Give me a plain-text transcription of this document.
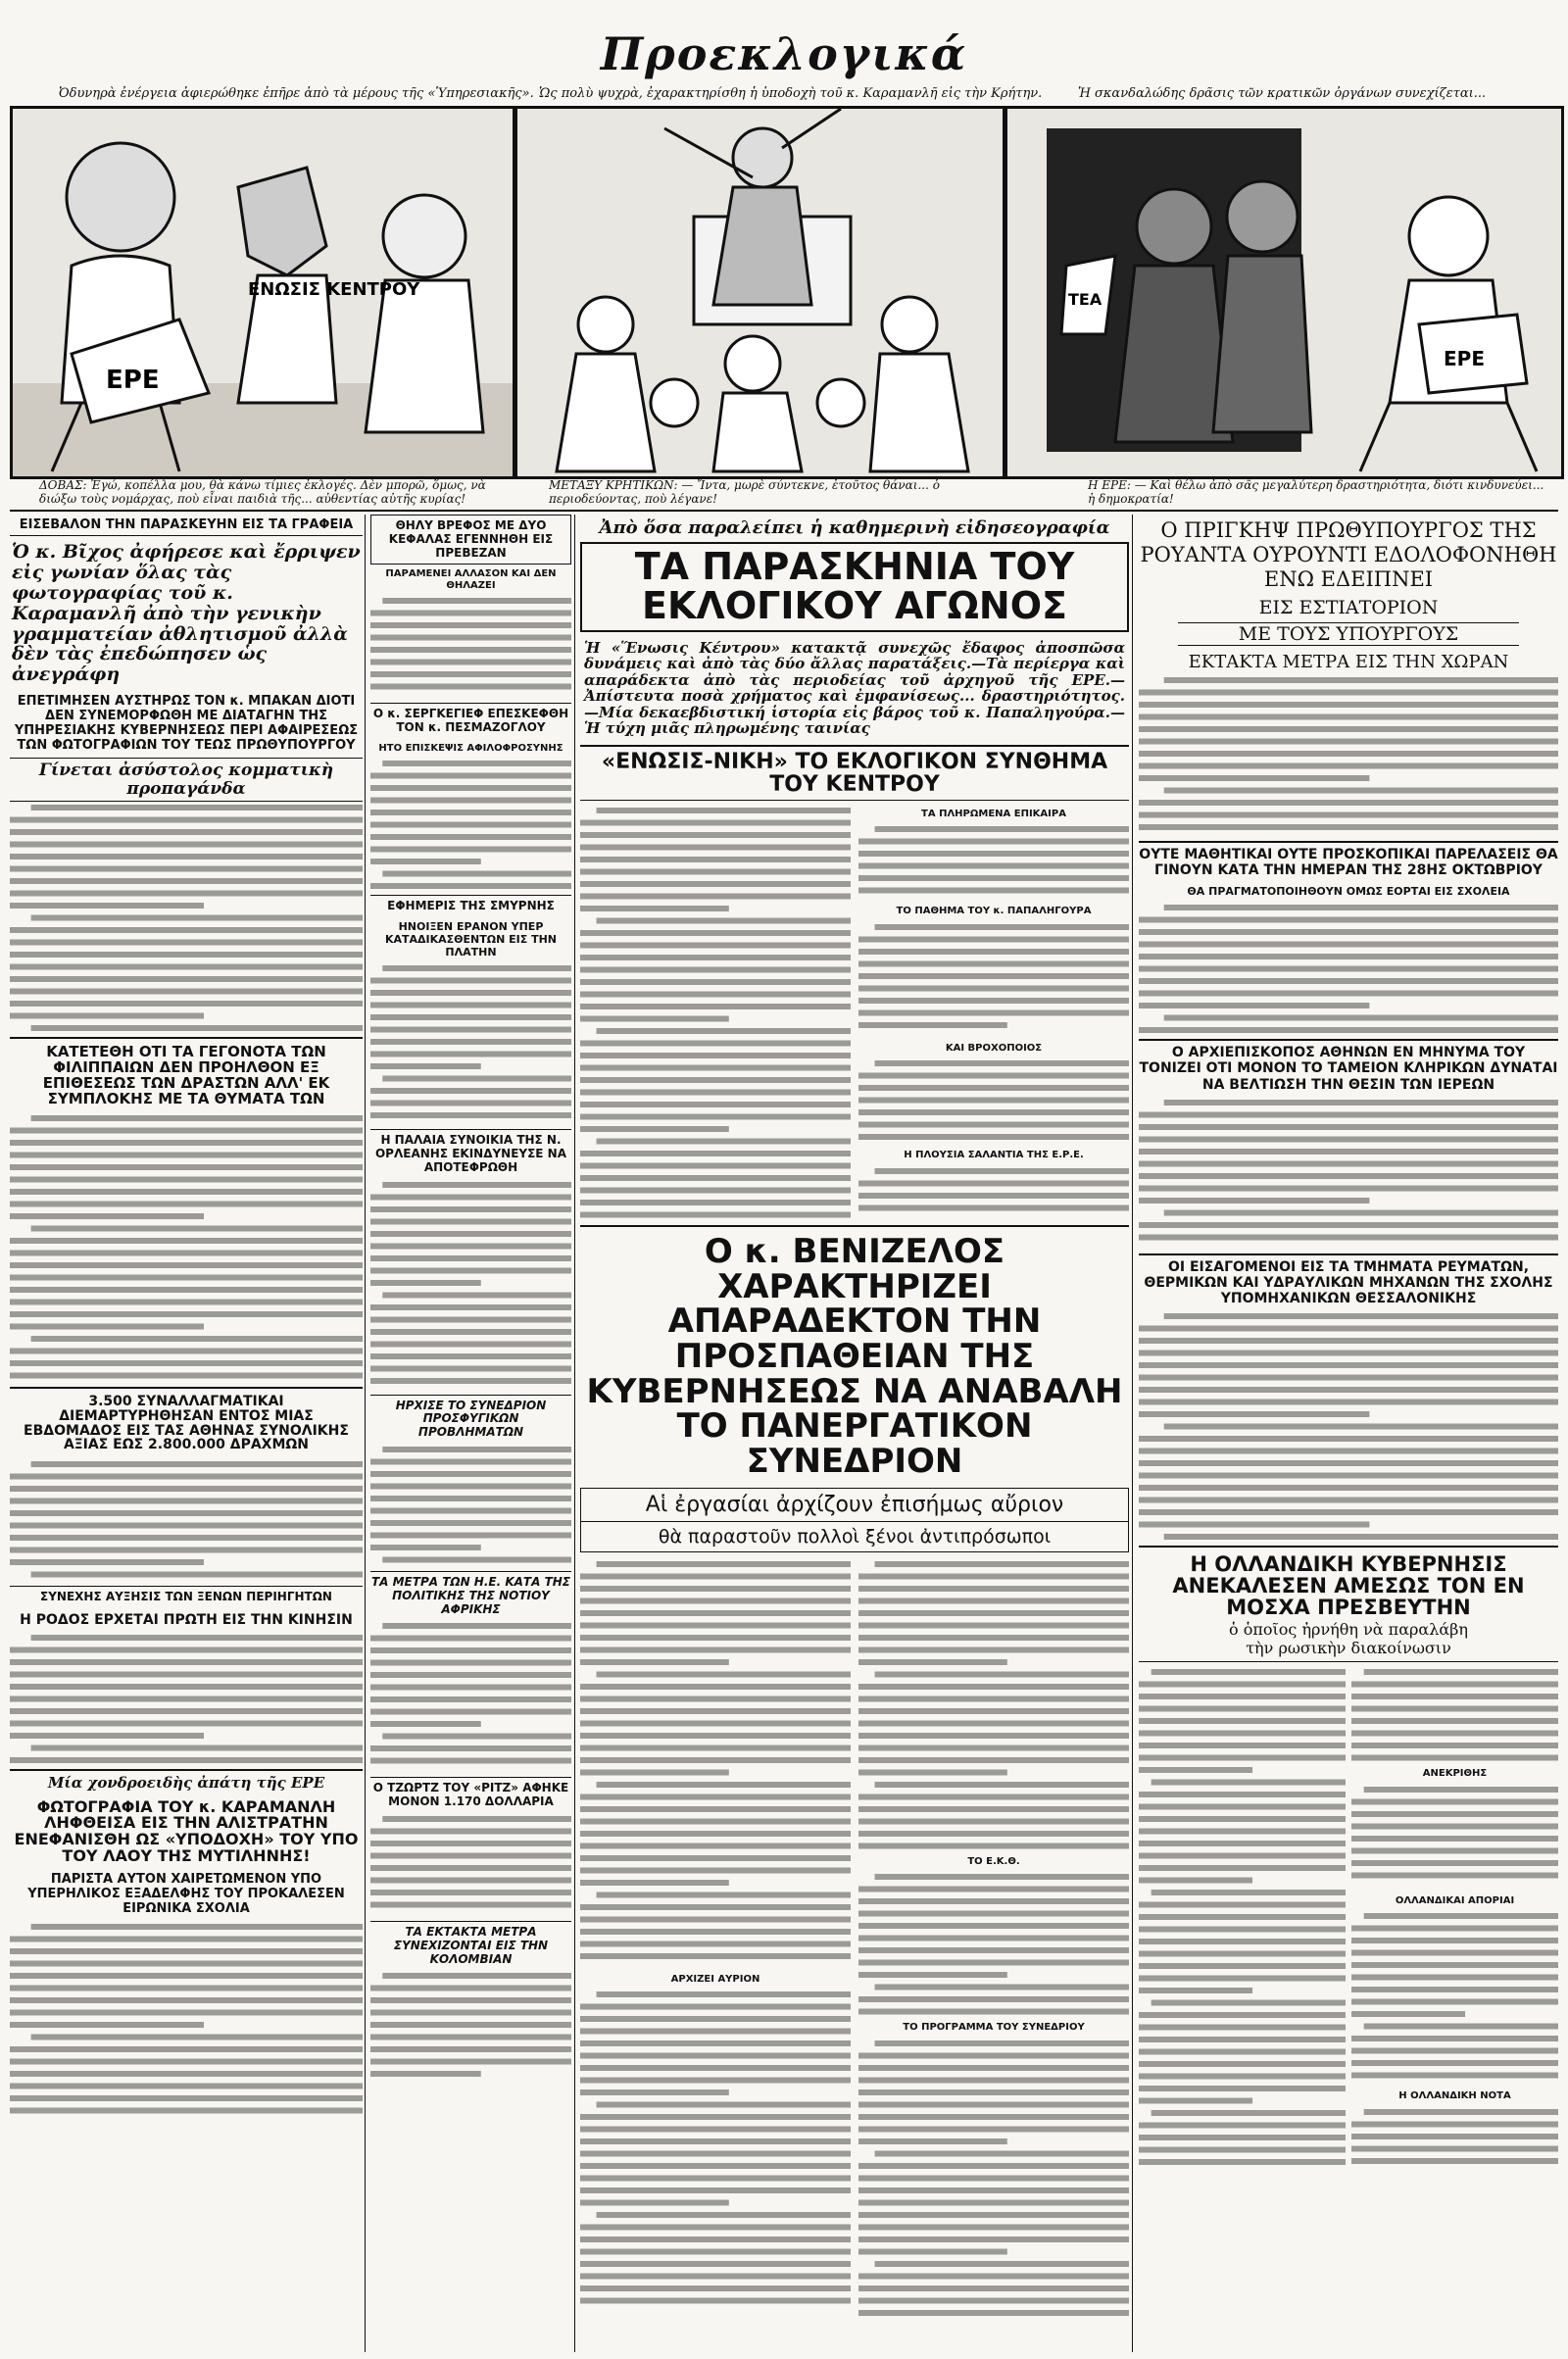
Προεκλογικά
Ὀδυνηρὰ ἐνέργεια ἀφιερώθηκε ἐπῆρε ἀπὸ τὰ μέρους τῆς «Ὑπηρεσιακῆς». Ὡς πολὺ ψυχρὰ, ἐχαρακτηρίσθη ἡ ὑποδοχὴ τοῦ κ. Καραμανλῆ εἰς τὴν Κρήτην.	Ἡ σκανδαλώδης δρᾶσις τῶν κρατικῶν ὀργάνων συνεχίζεται...
ΕΝΩΣΙΣ ΚΕΝΤΡΟΥ
ΕΡΕ
ΤΕΑ
ΕΡΕ
ΔΟΒΑΣ: Ἐγώ, κοπέλλα μου, θὰ κάνω τίμιες ἐκλογές. Δὲν μπορῶ, ὅμως, νὰ διώξω τοὺς νομάρχας, ποὺ εἶναι παιδιὰ τῆς... αὐθεντίας αὐτῆς κυρίας!
ΜΕΤΑΞΥ ΚΡΗΤΙΚΩΝ: — Ἴντα, μωρὲ σύντεκνε, ἐτοῦτος θάναι... ὁ περιοδεύοντας, ποὺ λέγανε!
Η ΕΡΕ: — Καὶ θέλω ἀπὸ σᾶς μεγαλύτερη δραστηριότητα, διότι κινδυνεύει... ἡ δημοκρατία!
ΕΙΣΕΒΑΛΟΝ ΤΗΝ ΠΑΡΑΣΚΕΥΗΝ ΕΙΣ ΤΑ ΓΡΑΦΕΙΑ
Ὁ κ. Βῖχος ἀφήρεσε καὶ ἔρριψεν εἰς γωνίαν ὅλας τὰς φωτογραφίας τοῦ κ. Καραμανλῆ ἀπὸ τὴν γενικὴν γραμματείαν ἀθλητισμοῦ ἀλλὰ δὲν τὰς ἐπεδώπησεν ὡς ἀνεγράφη
ΕΠΕΤΙΜΗΣΕΝ ΑΥΣΤΗΡΩΣ ΤΟΝ κ. ΜΠΑΚΑΝ ΔΙΟΤΙ ΔΕΝ ΣΥΝΕΜΟΡΦΩΘΗ ΜΕ ΔΙΑΤΑΓΗΝ ΤΗΣ ΥΠΗΡΕΣΙΑΚΗΣ ΚΥΒΕΡΝΗΣΕΩΣ ΠΕΡΙ ΑΦΑΙΡΕΣΕΩΣ ΤΩΝ ΦΩΤΟΓΡΑΦΙΩΝ ΤΟΥ ΤΕΩΣ ΠΡΩΘΥΠΟΥΡΓΟΥ
Γίνεται ἀσύστολος κομματικὴ προπαγάνδα
ΚΑΤΕΤΕΘΗ ΟΤΙ ΤΑ ΓΕΓΟΝΟΤΑ ΤΩΝ ΦΙΛΙΠΠΑΙΩΝ ΔΕΝ ΠΡΟΗΛΘΟΝ ΕΞ ΕΠΙΘΕΣΕΩΣ ΤΩΝ ΔΡΑΣΤΩΝ ΑΛΛ' ΕΚ ΣΥΜΠΛΟΚΗΣ ΜΕ ΤΑ ΘΥΜΑΤΑ ΤΩΝ
3.500 ΣΥΝΑΛΛΑΓΜΑΤΙΚΑΙ ΔΙΕΜΑΡΤΥΡΗΘΗΣΑΝ ΕΝΤΟΣ ΜΙΑΣ ΕΒΔΟΜΑΔΟΣ ΕΙΣ ΤΑΣ ΑΘΗΝΑΣ ΣΥΝΟΛΙΚΗΣ ΑΞΙΑΣ ΕΩΣ 2.800.000 ΔΡΑΧΜΩΝ
ΣΥΝΕΧΗΣ ΑΥΞΗΣΙΣ ΤΩΝ ΞΕΝΩΝ ΠΕΡΙΗΓΗΤΩΝ
Η ΡΟΔΟΣ ΕΡΧΕΤΑΙ ΠΡΩΤΗ ΕΙΣ ΤΗΝ ΚΙΝΗΣΙΝ
Μία χονδροειδὴς ἀπάτη τῆς ΕΡΕ
ΦΩΤΟΓΡΑΦΙΑ ΤΟΥ κ. ΚΑΡΑΜΑΝΛΗ ΛΗΦΘΕΙΣΑ ΕΙΣ ΤΗΝ ΑΛΙΣΤΡΑΤΗΝ ΕΝΕΦΑΝΙΣΘΗ ΩΣ «ΥΠΟΔΟΧΗ» ΤΟΥ ΥΠΟ ΤΟΥ ΛΑΟΥ ΤΗΣ ΜΥΤΙΛΗΝΗΣ!
ΠΑΡΙΣΤΑ ΑΥΤΟΝ ΧΑΙΡΕΤΩΜΕΝΟΝ ΥΠΟ ΥΠΕΡΗΛΙΚΟΣ ΕΞΑΔΕΛΦΗΣ ΤΟΥ ΠΡΟΚΑΛΕΣΕΝ ΕΙΡΩΝΙΚΑ ΣΧΟΛΙΑ
ΘΗΛΥ ΒΡΕΦΟΣ ΜΕ ΔΥΟ ΚΕΦΑΛΑΣ ΕΓΕΝΝΗΘΗ ΕΙΣ ΠΡΕΒΕΖΑΝ
ΠΑΡΑΜΕΝΕΙ ΑΛΛΑΣΟΝ ΚΑΙ ΔΕΝ ΘΗΛΑΖΕΙ
Ο κ. ΣΕΡΓΚΕΓΙΕΦ ΕΠΕΣΚΕΦΘΗ ΤΟΝ κ. ΠΕΣΜΑΖΟΓΛΟΥ
ΗΤΟ ΕΠΙΣΚΕΨΙΣ ΑΦΙΛΟΦΡΟΣΥΝΗΣ
ΕΦΗΜΕΡΙΣ ΤΗΣ ΣΜΥΡΝΗΣ
ΗΝΟΙΞΕΝ ΕΡΑΝΟΝ ΥΠΕΡ ΚΑΤΑΔΙΚΑΣΘΕΝΤΩΝ ΕΙΣ ΤΗΝ ΠΛΑΤΗΝ
Η ΠΑΛΑΙΑ ΣΥΝΟΙΚΙΑ ΤΗΣ Ν. ΟΡΛΕΑΝΗΣ ΕΚΙΝΔΥΝΕΥΣΕ ΝΑ ΑΠΟΤΕΦΡΩΘΗ
ΗΡΧΙΣΕ ΤΟ ΣΥΝΕΔΡΙΟΝ ΠΡΟΣΦΥΓΙΚΩΝ ΠΡΟΒΛΗΜΑΤΩΝ
ΤΑ ΜΕΤΡΑ ΤΩΝ Η.Ε. ΚΑΤΑ ΤΗΣ ΠΟΛΙΤΙΚΗΣ ΤΗΣ ΝΟΤΙΟΥ ΑΦΡΙΚΗΣ
Ο ΤΖΩΡΤΖ ΤΟΥ «ΡΙΤΖ» ΑΦΗΚΕ ΜΟΝΟΝ 1.170 ΔΟΛΛΑΡΙΑ
ΤΑ ΕΚΤΑΚΤΑ ΜΕΤΡΑ ΣΥΝΕΧΙΖΟΝΤΑΙ ΕΙΣ ΤΗΝ ΚΟΛΟΜΒΙΑΝ
Ἀπὸ ὅσα παραλείπει ἡ καθημερινὴ εἰδησεογραφία
ΤΑ ΠΑΡΑΣΚΗΝΙΑ ΤΟΥ ΕΚΛΟΓΙΚΟΥ ΑΓΩΝΟΣ
Ἡ «Ἕνωσις Κέντρου» κατακτᾷ συνεχῶς ἔδαφος ἀποσπῶσα δυνάμεις καὶ ἀπὸ τὰς δύο ἄλλας παρατάξεις.—Τὰ περίεργα καὶ απαράδεκτα ἀπὸ τὰς περιοδείας τοῦ ἀρχηγοῦ τῆς ΕΡΕ.—Ἀπίστευτα ποσὰ χρήματος καὶ ἐμφανίσεως... δραστηριότητος.—Μία δεκαεβδιστική ἱστορία εἰς βάρος τοῦ κ. Παπαληγούρα.—Ἡ τύχη μιᾶς πληρωμένης ταινίας
«ΕΝΩΣΙΣ-ΝΙΚΗ» ΤΟ ΕΚΛΟΓΙΚΟΝ ΣΥΝΘΗΜΑ ΤΟΥ ΚΕΝΤΡΟΥ
ΤΑ ΠΛΗΡΩΜΕΝΑ ΕΠΙΚΑΙΡΑ
ΤΟ ΠΑΘΗΜΑ ΤΟΥ κ. ΠΑΠΑΛΗΓΟΥΡΑ
ΚΑΙ ΒΡΟΧΟΠΟΙΟΣ
Η ΠΛΟΥΣΙΑ ΣΑΛΑΝΤΙΑ ΤΗΣ Ε.Ρ.Ε.
Ο κ. ΒΕΝΙΖΕΛΟΣ ΧΑΡΑΚΤΗΡΙΖΕΙ ΑΠΑΡΑΔΕΚΤΟΝ ΤΗΝ ΠΡΟΣΠΑΘΕΙΑΝ ΤΗΣ ΚΥΒΕΡΝΗΣΕΩΣ ΝΑ ΑΝΑΒΑΛΗ ΤΟ ΠΑΝΕΡΓΑΤΙΚΟΝ ΣΥΝΕΔΡΙΟΝ
Αἱ ἐργασίαι ἀρχίζουν ἐπισήμως αὔριον
θὰ παραστοῦν πολλοὶ ξένοι ἀντιπρόσωποι
ΑΡΧΙΖΕΙ ΑΥΡΙΟΝ
ΤΟ Ε.Κ.Θ.
ΤΟ ΠΡΟΓΡΑΜΜΑ ΤΟΥ ΣΥΝΕΔΡΙΟΥ
Ο ΠΡΙΓΚΗΨ ΠΡΩΘΥΠΟΥΡΓΟΣ ΤΗΣ ΡΟΥΑΝΤΑ ΟΥΡΟΥΝΤΙ ΕΔΟΛΟΦΟΝΗΘΗ ΕΝΩ ΕΔΕΙΠΝΕΙ
ΕΙΣ ΕΣΤΙΑΤΟΡΙΟΝ
ΜΕ ΤΟΥΣ ΥΠΟΥΡΓΟΥΣ
ΕΚΤΑΚΤΑ ΜΕΤΡΑ ΕΙΣ ΤΗΝ ΧΩΡΑΝ
ΟΥΤΕ ΜΑΘΗΤΙΚΑΙ ΟΥΤΕ ΠΡΟΣΚΟΠΙΚΑΙ ΠΑΡΕΛΑΣΕΙΣ ΘΑ ΓΙΝΟΥΝ ΚΑΤΑ ΤΗΝ ΗΜΕΡΑΝ ΤΗΣ 28ΗΣ ΟΚΤΩΒΡΙΟΥ
ΘΑ ΠΡΑΓΜΑΤΟΠΟΙΗΘΟΥΝ ΟΜΩΣ ΕΟΡΤΑΙ ΕΙΣ ΣΧΟΛΕΙΑ
Ο ΑΡΧΙΕΠΙΣΚΟΠΟΣ ΑΘΗΝΩΝ ΕΝ ΜΗΝΥΜΑ ΤΟΥ ΤΟΝΙΖΕΙ ΟΤΙ ΜΟΝΟΝ ΤΟ ΤΑΜΕΙΟΝ ΚΛΗΡΙΚΩΝ ΔΥΝΑΤΑΙ ΝΑ ΒΕΛΤΙΩΣΗ ΤΗΝ ΘΕΣΙΝ ΤΩΝ ΙΕΡΕΩΝ
ΟΙ ΕΙΣΑΓΟΜΕΝΟΙ ΕΙΣ ΤΑ ΤΜΗΜΑΤΑ ΡΕΥΜΑΤΩΝ, ΘΕΡΜΙΚΩΝ ΚΑΙ ΥΔΡΑΥΛΙΚΩΝ ΜΗΧΑΝΩΝ ΤΗΣ ΣΧΟΛΗΣ ΥΠΟΜΗΧΑΝΙΚΩΝ ΘΕΣΣΑΛΟΝΙΚΗΣ
Η ΟΛΛΑΝΔΙΚΗ ΚΥΒΕΡΝΗΣΙΣ ΑΝΕΚΑΛΕΣΕΝ ΑΜΕΣΩΣ ΤΟΝ ΕΝ ΜΟΣΧΑ ΠΡΕΣΒΕΥΤΗΝ
ὁ ὁποῖος ἠρνήθη νὰ παραλάβη
τὴν ρωσικὴν διακοίνωσιν
ΑΝΕΚΡΙΘΗΣ
ΟΛΛΑΝΔΙΚΑΙ ΑΠΟΡΙΑΙ
Η ΟΛΛΑΝΔΙΚΗ ΝΟΤΑ
